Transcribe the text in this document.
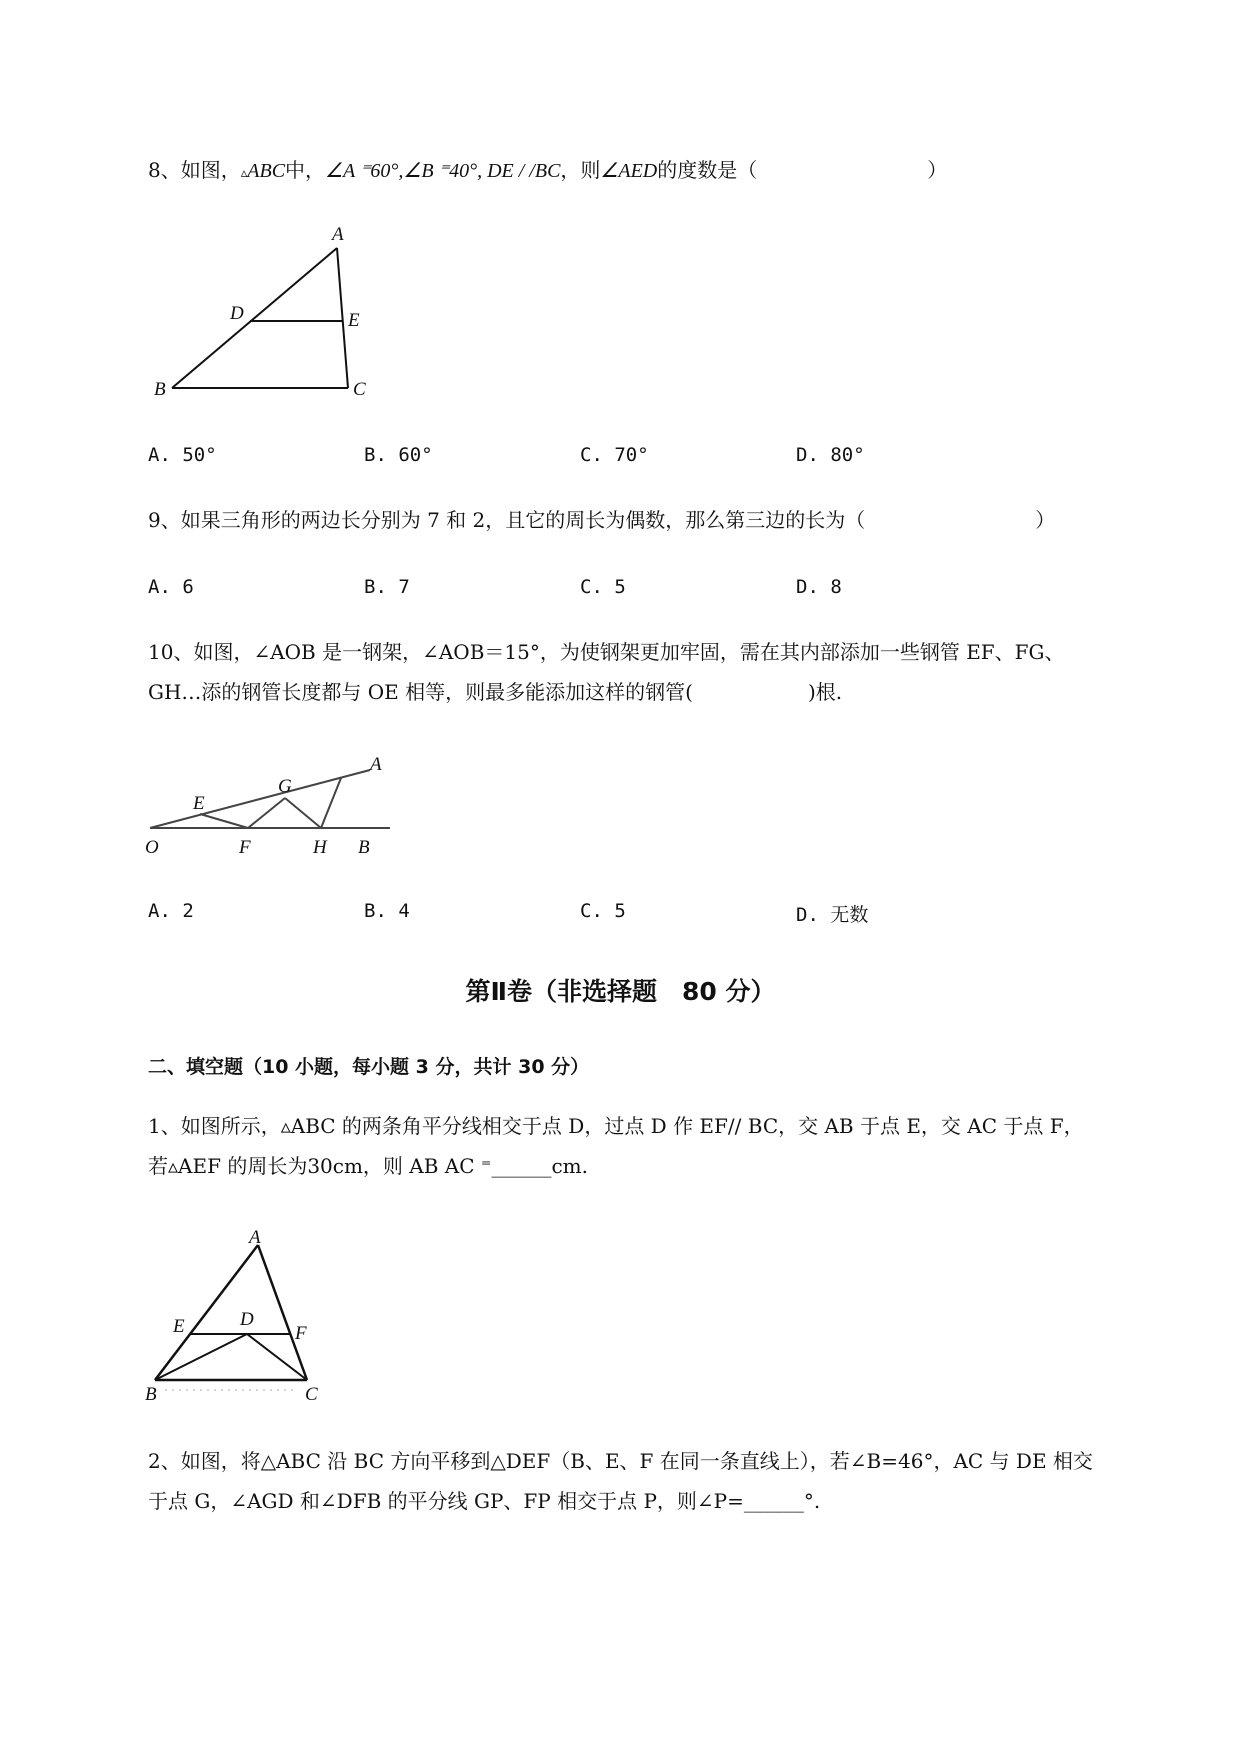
8、如图，▵ABC中，∠A ⁼60°,∠B ⁼40°, DE / /BC，则∠AED的度数是（	）
A
B	C
D	E
A. 50°	B. 60°	C. 70°	D. 80°
9、如果三角形的两边长分别为 7 和 2，且它的周长为偶数，那么第三边的长为（	）
A. 6	B. 7	C. 5	D. 8
10、如图，∠AOB 是一钢架，∠AOB＝15°，为使钢架更加牢固，需在其内部添加一些钢管 EF、FG、
GH…添的钢管长度都与 OE 相等，则最多能添加这样的钢管(	)根.
A
O
E
F
G
H B
A. 2	B. 4	C. 5	D. 无数
第Ⅱ卷（非选择题　80 分）
二、填空题（10 小题，每小题 3 分，共计 30 分）
1、如图所示，▵ABC 的两条角平分线相交于点 D，过点 D 作 EF// BC，交 AB 于点 E，交 AC 于点 F，
若▵AEF 的周长为30cm，则 AB AC ⁼______cm.
A
B	C
D
E	F
2、如图，将△ABC 沿 BC 方向平移到△DEF（B、E、F 在同一条直线上），若∠B=46°，AC 与 DE 相交
于点 G，∠AGD 和∠DFB 的平分线 GP、FP 相交于点 P，则∠P=______°.
